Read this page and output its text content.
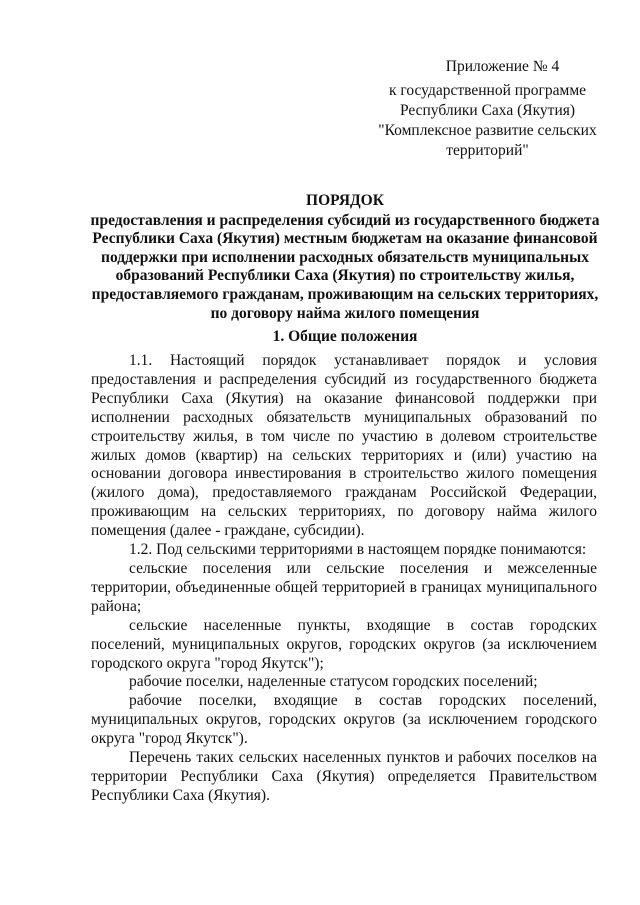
Приложение № 4
к государственной программе
Республики Саха (Якутия)
"Комплексное развитие сельских
территорий"
ПОРЯДОК
предоставления и распределения субсидий из государственного бюджета
Республики Саха (Якутия) местным бюджетам на оказание финансовой
поддержки при исполнении расходных обязательств муниципальных
образований Республики Саха (Якутия) по строительству жилья,
предоставляемого гражданам, проживающим на сельских территориях,
по договору найма жилого помещения
1. Общие положения

1.1. Настоящий порядок устанавливает порядок и условия предоставления и распределения субсидий из государственного бюджета Республики Саха (Якутия) на оказание финансовой поддержки при исполнении расходных обязательств муниципальных образований по строительству жилья, в том числе по участию в долевом строительстве жилых домов (квартир) на сельских территориях и (или) участию на основании договора инвестирования в строительство жилого помещения (жилого дома), предоставляемого гражданам Российской Федерации, проживающим на сельских территориях, по договору найма жилого помещения (далее - граждане, субсидии).

1.2. Под сельскими территориями в настоящем порядке понимаются:

сельские поселения или сельские поселения и межселенные территории, объединенные общей территорией в границах муниципального района;

сельские населенные пункты, входящие в состав городских поселений, муниципальных округов, городских округов (за исключением городского округа "город Якутск");

рабочие поселки, наделенные статусом городских поселений;

рабочие поселки, входящие в состав городских поселений, муниципальных округов, городских округов (за исключением городского округа "город Якутск").

Перечень таких сельских населенных пунктов и рабочих поселков на территории Республики Саха (Якутия) определяется Правительством Республики Саха (Якутия).
